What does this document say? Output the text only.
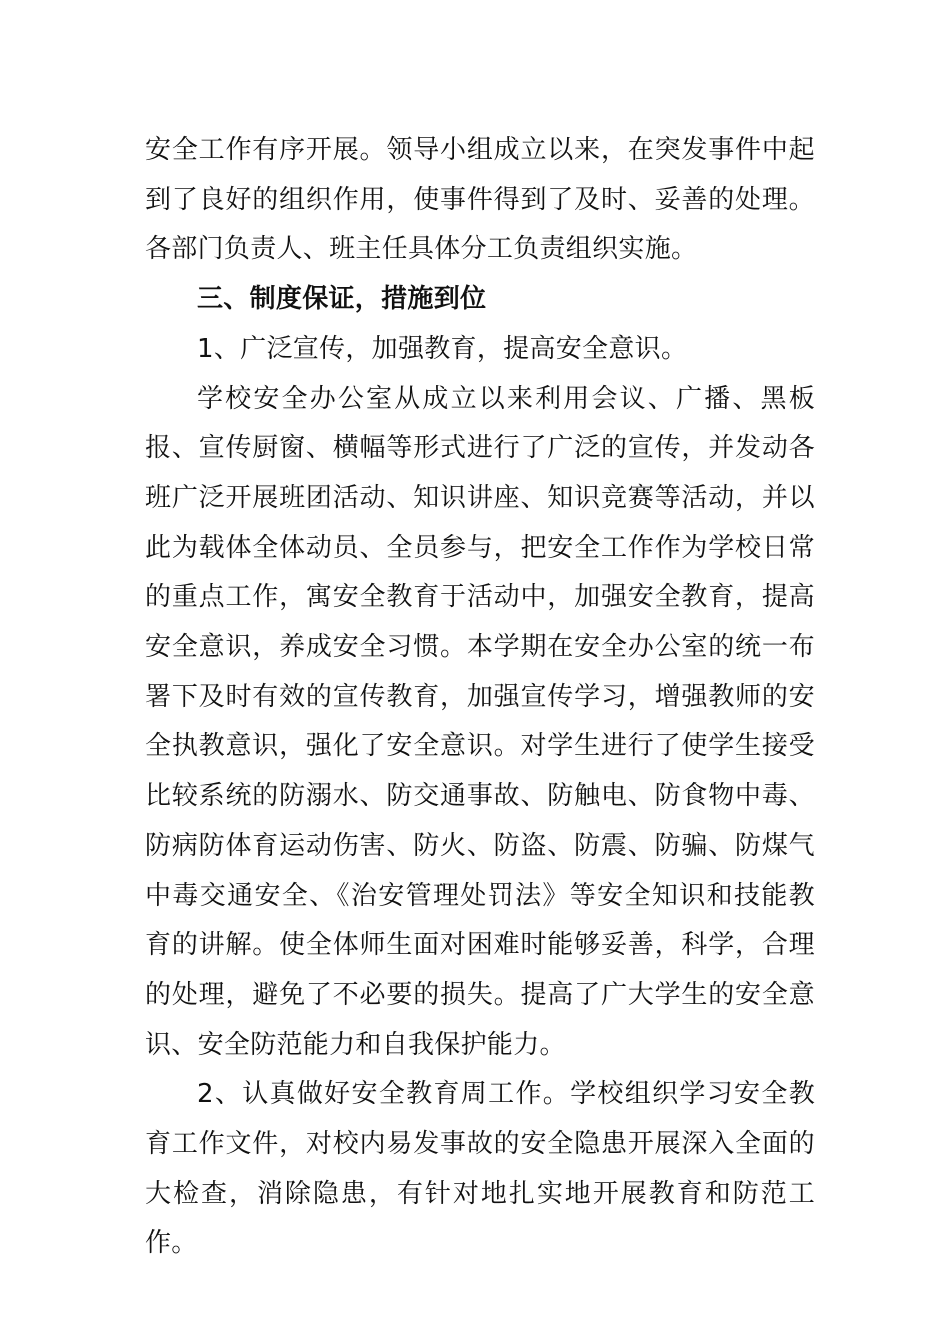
安全工作有序开展。领导小组成立以来，在突发事件中起到了良好的组织作用，使事件得到了及时、妥善的处理。各部门负责人、班主任具体分工负责组织实施。

三、制度保证，措施到位

1、广泛宣传，加强教育，提高安全意识。

学校安全办公室从成立以来利用会议、广播、黑板报、宣传厨窗、横幅等形式进行了广泛的宣传，并发动各班广泛开展班团活动、知识讲座、知识竞赛等活动，并以此为载体全体动员、全员参与，把安全工作作为学校日常的重点工作，寓安全教育于活动中，加强安全教育，提高安全意识，养成安全习惯。本学期在安全办公室的统一布署下及时有效的宣传教育，加强宣传学习，增强教师的安全执教意识，强化了安全意识。对学生进行了使学生接受比较系统的防溺水、防交通事故、防触电、防食物中毒、防病防体育运动伤害、防火、防盗、防震、防骗、防煤气中毒交通安全、《治安管理处罚法》等安全知识和技能教育的讲解。使全体师生面对困难时能够妥善，科学，合理的处理，避免了不必要的损失。提高了广大学生的安全意识、安全防范能力和自我保护能力。

2、认真做好安全教育周工作。学校组织学习安全教育工作文件，对校内易发事故的安全隐患开展深入全面的大检查，消除隐患，有针对地扎实地开展教育和防范工作。
